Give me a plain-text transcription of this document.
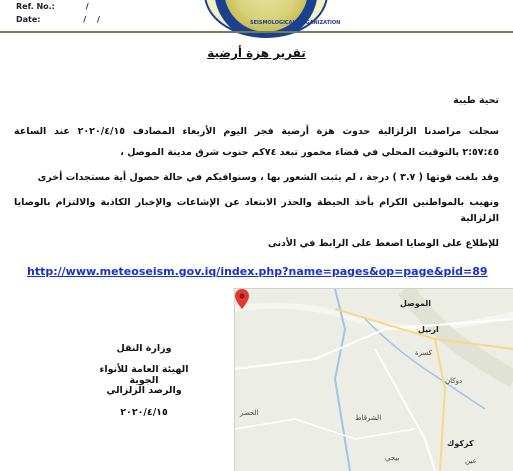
Ref. No.:	/
Date:	/ /	SEISMOLOGICAL ORGANIZATION
تقرير هزة أرضية
تحية طيبة
سجلت مراصدنا الزلزالية حدوث هزة أرضية فجر اليوم الأربعاء المصادف ٢٠٢٠/٤/١٥ عند الساعة
٢:٥٧:٤٥ بالتوقيت المحلي في قضاء مخمور تبعد ٧٤كم جنوب شرق مدينة الموصل ،
وقد بلغت قوتها ( ٣.٧ ) درجة ، لم يثبت الشعور بها ، وسنوافيكم في حالة حصول أية مستجدات أخرى
ونهيب بالمواطنين الكرام بأخذ الحيطة والحذر الابتعاد عن الإشاعات والإخبار الكاذبة والالتزام بالوصايا
الزلزالية
للإطلاع على الوصايا اضغط على الرابط في الأدنى
http://www.meteoseism.gov.iq/index.php?name=pages&op=page&pid=89
وزارة النقل
الهيئة العامة للأنواء الجوية
والرصد الزلزالي
٢٠٢٠/٤/١٥
الموصل
اربيل
كركوك
كسرة
دوكان
الحضر
الشرقاط
بيجي	عين
